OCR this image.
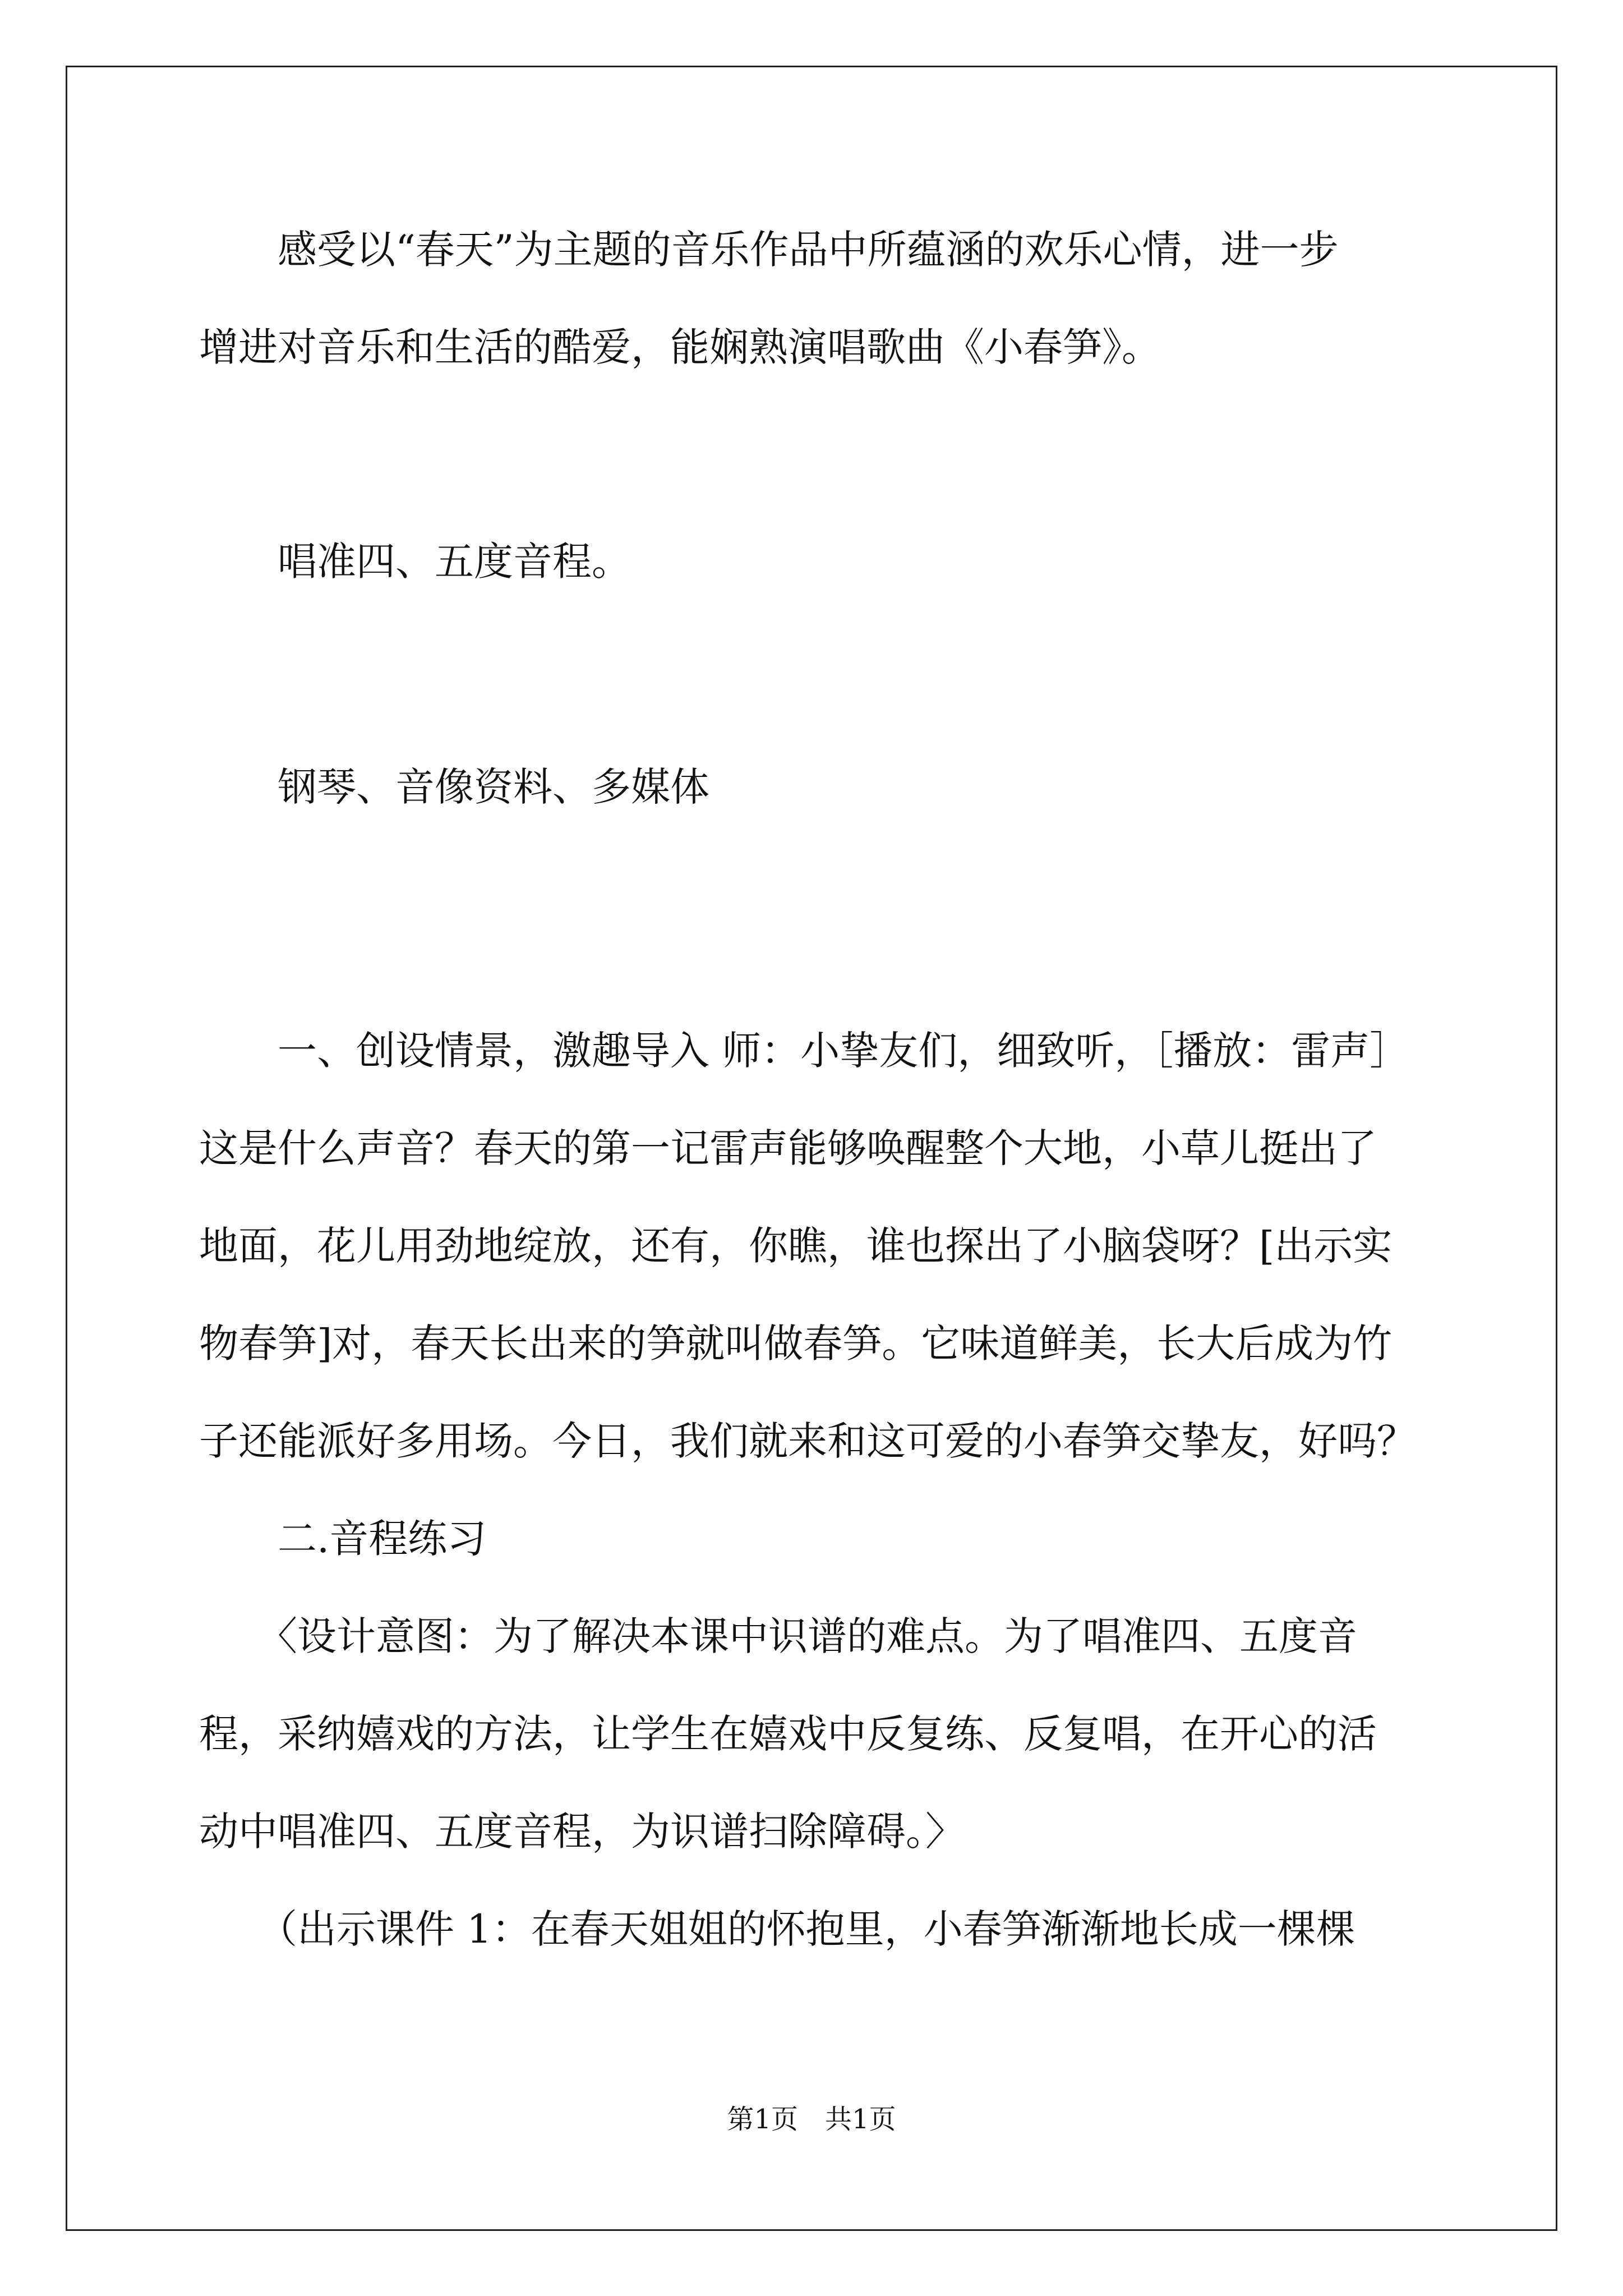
　　感受以“春天”为主题的音乐作品中所蕴涵的欢乐心情，进一步
增进对音乐和生活的酷爱，能娴熟演唱歌曲《小春笋》。
　　唱准四、五度音程。
　　钢琴、音像资料、多媒体
　　一、创设情景，激趣导入 师：小挚友们，细致听，［播放：雷声］
这是什么声音？春天的第一记雷声能够唤醒整个大地，小草儿挺出了
地面，花儿用劲地绽放，还有，你瞧，谁也探出了小脑袋呀？[出示实
物春笋]对，春天长出来的笋就叫做春笋。它味道鲜美，长大后成为竹
子还能派好多用场。今日，我们就来和这可爱的小春笋交挚友，好吗？
　　二.音程练习
　　〈设计意图：为了解决本课中识谱的难点。为了唱准四、五度音
程，采纳嬉戏的方法，让学生在嬉戏中反复练、反复唱，在开心的活
动中唱准四、五度音程，为识谱扫除障碍。〉
　　（出示课件 1：在春天姐姐的怀抱里，小春笋渐渐地长成一棵棵
第1页　共1页
